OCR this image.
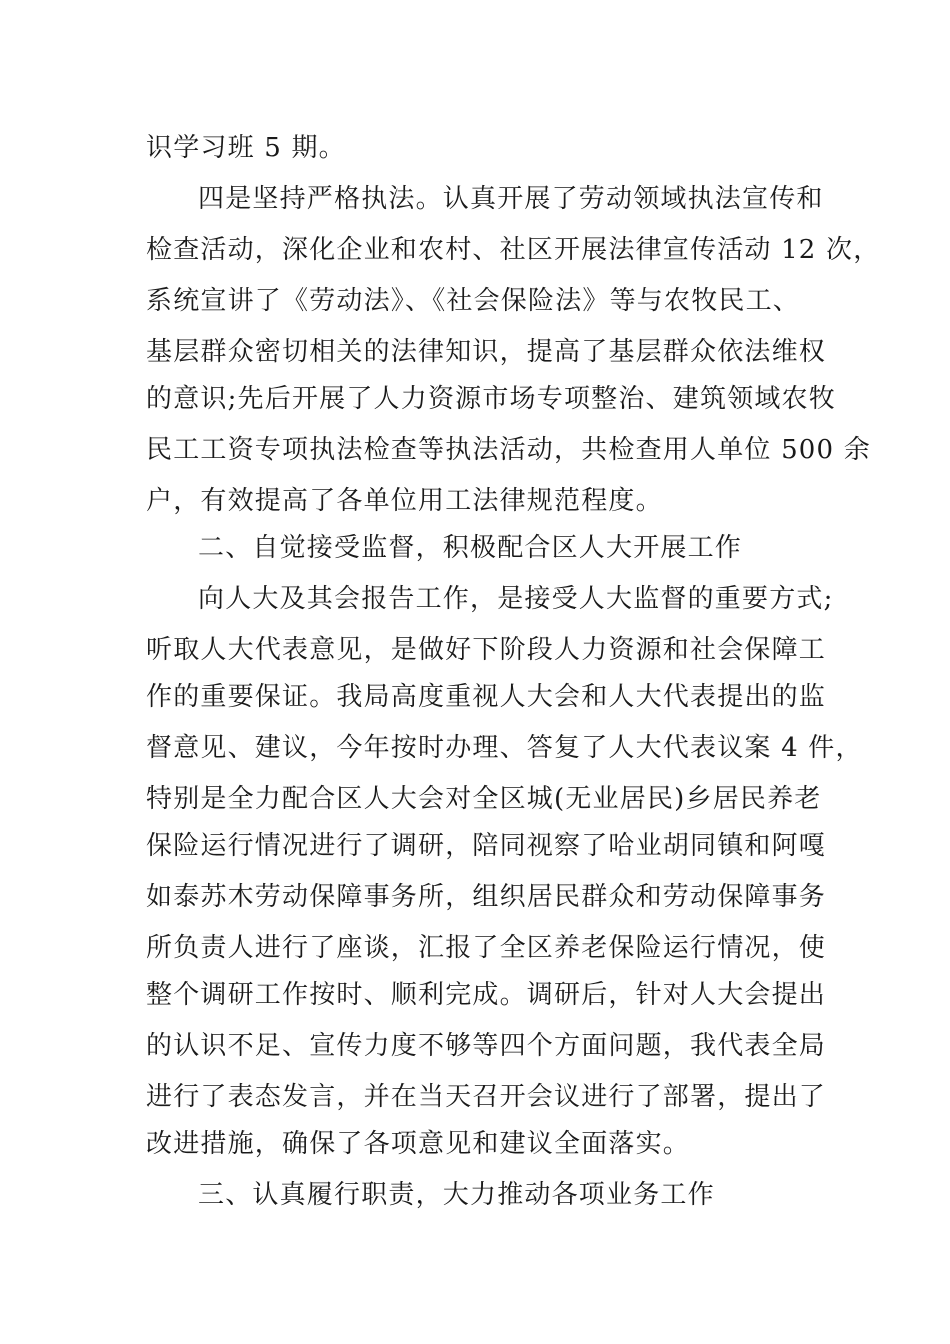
识学习班 5 期。
四是坚持严格执法。认真开展了劳动领域执法宣传和
检查活动，深化企业和农村、社区开展法律宣传活动 12 次，
系统宣讲了《劳动法》、《社会保险法》等与农牧民工、
基层群众密切相关的法律知识，提高了基层群众依法维权
的意识;先后开展了人力资源市场专项整治、建筑领域农牧
民工工资专项执法检查等执法活动，共检查用人单位 500 余
户，有效提高了各单位用工法律规范程度。
二、自觉接受监督，积极配合区人大开展工作
向人大及其会报告工作，是接受人大监督的重要方式;
听取人大代表意见，是做好下阶段人力资源和社会保障工
作的重要保证。我局高度重视人大会和人大代表提出的监
督意见、建议，今年按时办理、答复了人大代表议案 4 件，
特别是全力配合区人大会对全区城(无业居民)乡居民养老
保险运行情况进行了调研，陪同视察了哈业胡同镇和阿嘎
如泰苏木劳动保障事务所，组织居民群众和劳动保障事务
所负责人进行了座谈，汇报了全区养老保险运行情况，使
整个调研工作按时、顺利完成。调研后，针对人大会提出
的认识不足、宣传力度不够等四个方面问题，我代表全局
进行了表态发言，并在当天召开会议进行了部署，提出了
改进措施，确保了各项意见和建议全面落实。
三、认真履行职责，大力推动各项业务工作
